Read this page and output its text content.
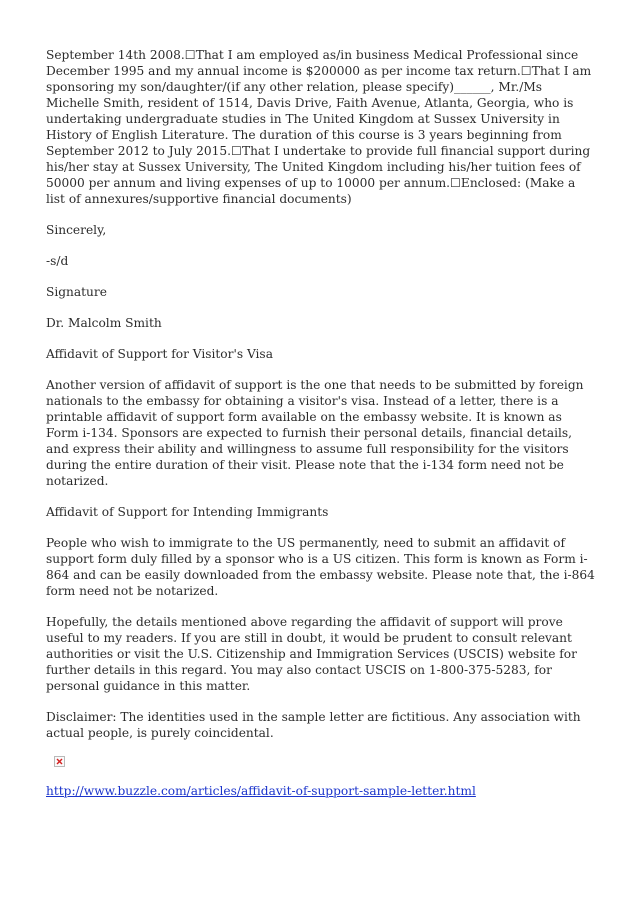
September 14th 2008.☐That I am employed as/in business Medical Professional since December 1995 and my annual income is $200000 as per income tax return.☐That I am sponsoring my son/daughter/(if any other relation, please specify)______, Mr./Ms Michelle Smith, resident of 1514, Davis Drive, Faith Avenue, Atlanta, Georgia, who is undertaking undergraduate studies in The United Kingdom at Sussex University in History of English Literature. The duration of this course is 3 years beginning from September 2012 to July 2015.☐That I undertake to provide full financial support during his/her stay at Sussex University, The United Kingdom including his/her tuition fees of 50000 per annum and living expenses of up to 10000 per annum.☐Enclosed: (Make a list of annexures/supportive financial documents)

Sincerely,

-s/d

Signature

Dr. Malcolm Smith

Affidavit of Support for Visitor's Visa

Another version of affidavit of support is the one that needs to be submitted by foreign nationals to the embassy for obtaining a visitor's visa. Instead of a letter, there is a printable affidavit of support form available on the embassy website. It is known as Form i-134. Sponsors are expected to furnish their personal details, financial details, and express their ability and willingness to assume full responsibility for the visitors during the entire duration of their visit. Please note that the i-134 form need not be notarized.

Affidavit of Support for Intending Immigrants

People who wish to immigrate to the US permanently, need to submit an affidavit of support form duly filled by a sponsor who is a US citizen. This form is known as Form i-864 and can be easily downloaded from the embassy website. Please note that, the i-864 form need not be notarized.

Hopefully, the details mentioned above regarding the affidavit of support will prove useful to my readers. If you are still in doubt, it would be prudent to consult relevant authorities or visit the U.S. Citizenship and Immigration Services (USCIS) website for further details in this regard. You may also contact USCIS on 1-800-375-5283, for personal guidance in this matter.

Disclaimer: The identities used in the sample letter are fictitious. Any association with actual people, is purely coincidental.

http://www.buzzle.com/articles/affidavit-of-support-sample-letter.html
